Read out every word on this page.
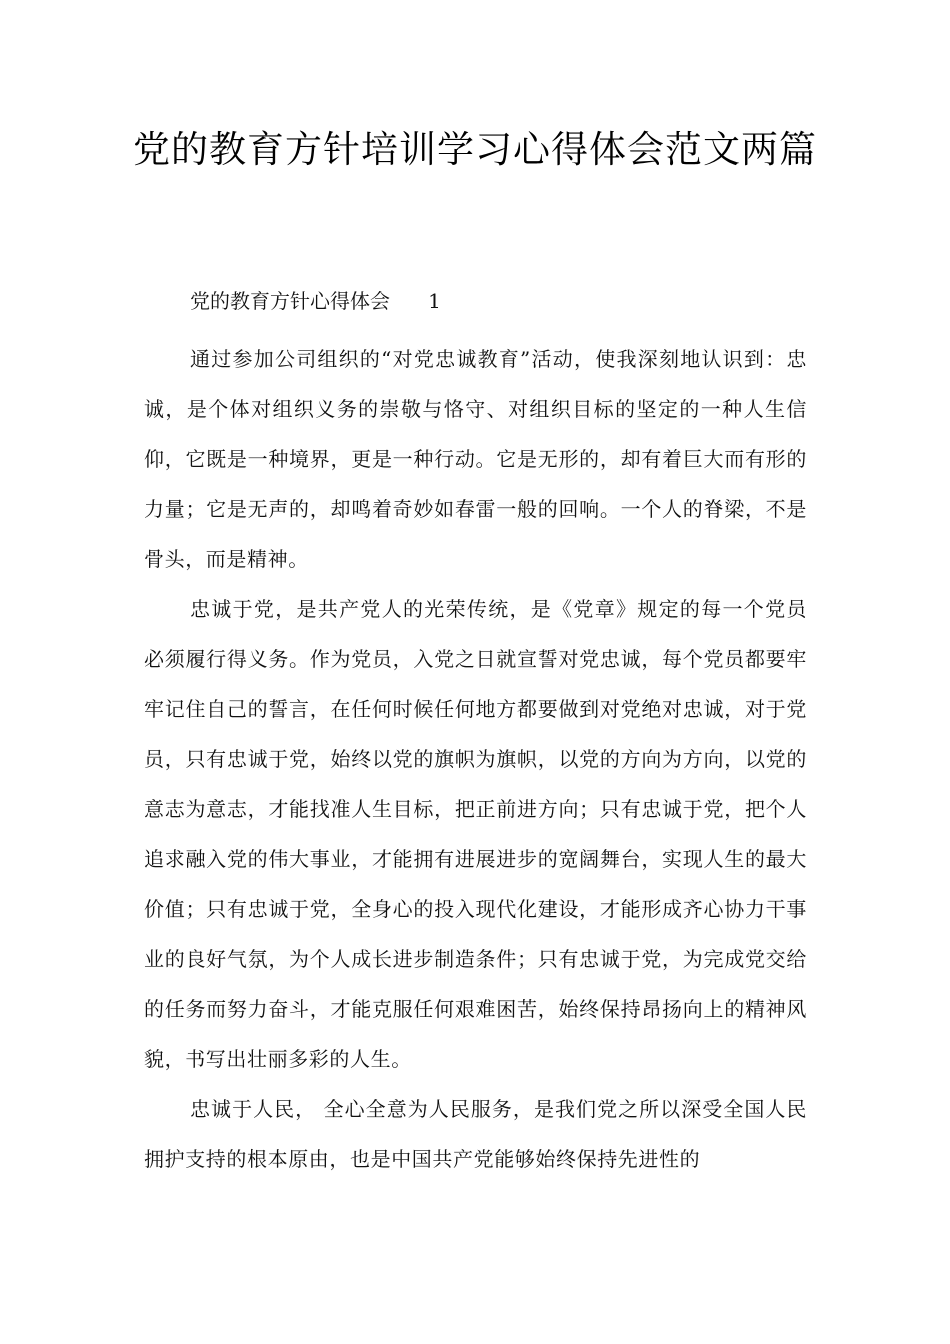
党的教育方针培训学习心得体会范文两篇
党的教育方针心得体会      1

通过参加公司组织的“对党忠诚教育”活动，使我深刻地认识到：忠诚，是个体对组织义务的崇敬与恪守、对组织目标的坚定的一种人生信仰，它既是一种境界，更是一种行动。它是无形的，却有着巨大而有形的力量；它是无声的，却鸣着奇妙如春雷一般的回响。一个人的脊梁，不是骨头，而是精神。

忠诚于党，是共产党人的光荣传统，是《党章》规定的每一个党员必须履行得义务。作为党员，入党之日就宣誓对党忠诚，每个党员都要牢牢记住自己的誓言，在任何时候任何地方都要做到对党绝对忠诚，对于党员，只有忠诚于党，始终以党的旗帜为旗帜，以党的方向为方向，以党的意志为意志，才能找准人生目标，把正前进方向；只有忠诚于党，把个人追求融入党的伟大事业，才能拥有进展进步的宽阔舞台，实现人生的最大价值；只有忠诚于党，全身心的投入现代化建设，才能形成齐心协力干事业的良好气氛，为个人成长进步制造条件；只有忠诚于党，为完成党交给的任务而努力奋斗，才能克服任何艰难困苦，始终保持昂扬向上的精神风貌，书写出壮丽多彩的人生。

忠诚于人民， 全心全意为人民服务，是我们党之所以深受全国人民拥护支持的根本原由，也是中国共产党能够始终保持先进性的
